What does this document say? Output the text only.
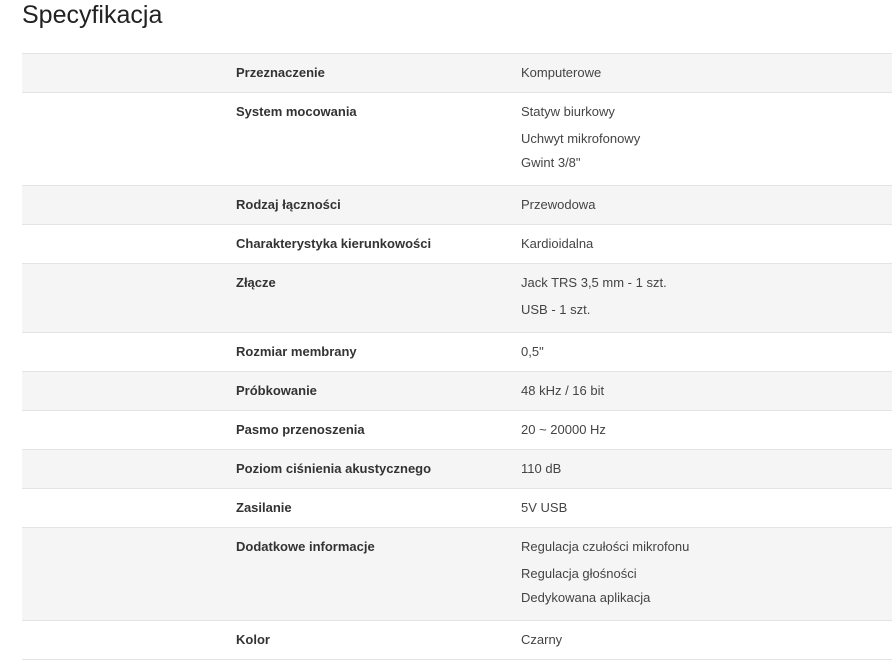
Specyfikacja
Przeznaczenie	Komputerowe
System mocowania	Statyw biurkowy
Uchwyt mikrofonowy
Gwint 3/8"
Rodzaj łączności	Przewodowa
Charakterystyka kierunkowości	Kardioidalna
Złącze	Jack TRS 3,5 mm - 1 szt.
USB - 1 szt.
Rozmiar membrany	0,5"
Próbkowanie	48 kHz / 16 bit
Pasmo przenoszenia	20 ~ 20000 Hz
Poziom ciśnienia akustycznego	110 dB
Zasilanie	5V USB
Dodatkowe informacje	Regulacja czułości mikrofonu
Regulacja głośności
Dedykowana aplikacja
Kolor	Czarny
